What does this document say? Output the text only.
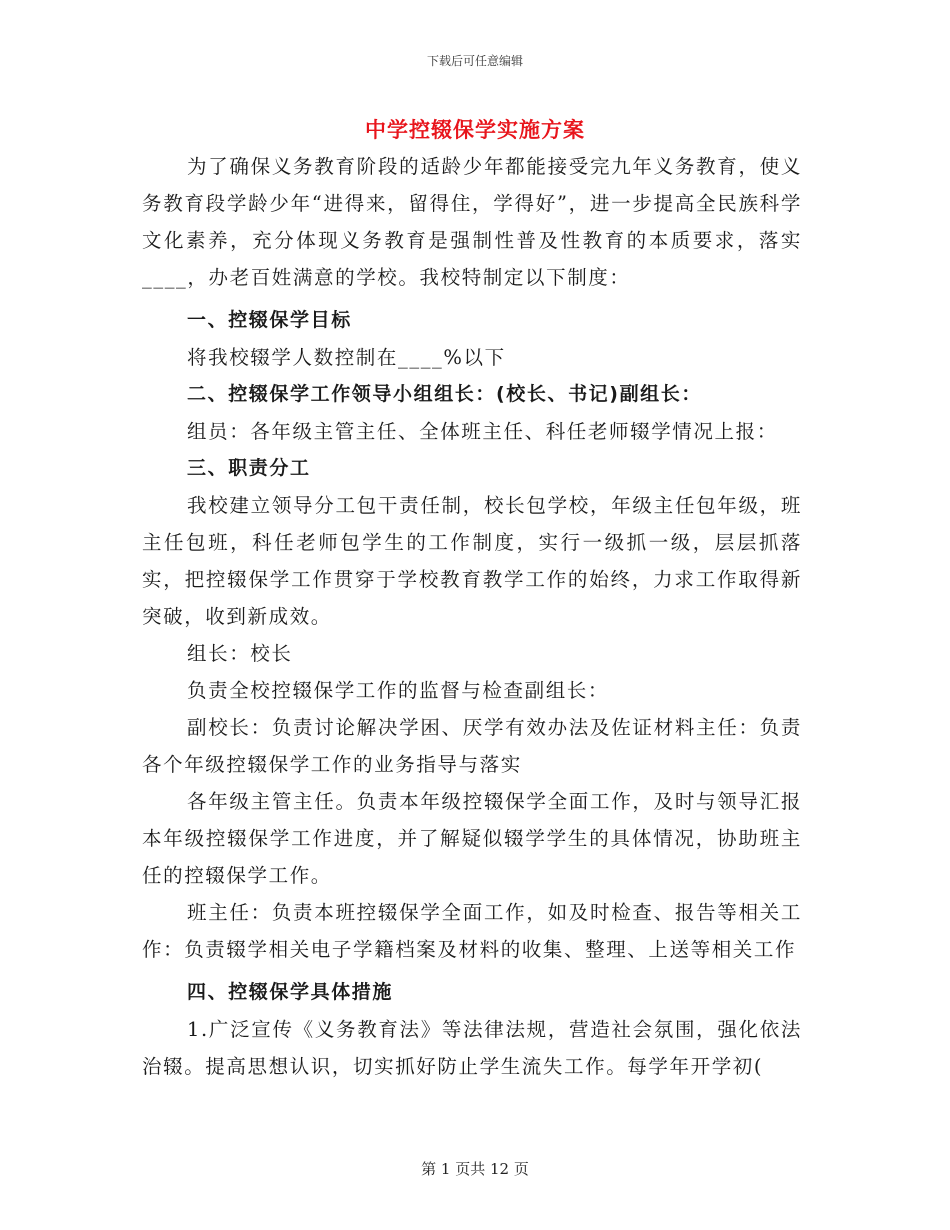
下载后可任意编辑
中学控辍保学实施方案

为了确保义务教育阶段的适龄少年都能接受完九年义务教育，使义务教育段学龄少年“进得来，留得住，学得好”，进一步提高全民族科学文化素养，充分体现义务教育是强制性普及性教育的本质要求，落实____，办老百姓满意的学校。我校特制定以下制度：

一、控辍保学目标

将我校辍学人数控制在____%以下

二、控辍保学工作领导小组组长：(校长、书记)副组长：

组员：各年级主管主任、全体班主任、科任老师辍学情况上报：

三、职责分工

我校建立领导分工包干责任制，校长包学校，年级主任包年级，班主任包班，科任老师包学生的工作制度，实行一级抓一级，层层抓落实，把控辍保学工作贯穿于学校教育教学工作的始终，力求工作取得新突破，收到新成效。

组长：校长

负责全校控辍保学工作的监督与检查副组长：

副校长：负责讨论解决学困、厌学有效办法及佐证材料主任：负责各个年级控辍保学工作的业务指导与落实

各年级主管主任。负责本年级控辍保学全面工作，及时与领导汇报本年级控辍保学工作进度，并了解疑似辍学学生的具体情况，协助班主任的控辍保学工作。

班主任：负责本班控辍保学全面工作，如及时检查、报告等相关工作：负责辍学相关电子学籍档案及材料的收集、整理、上送等相关工作

四、控辍保学具体措施

1.广泛宣传《义务教育法》等法律法规，营造社会氛围，强化依法治辍。提高思想认识，切实抓好防止学生流失工作。每学年开学初(

第 1 页共 12 页
